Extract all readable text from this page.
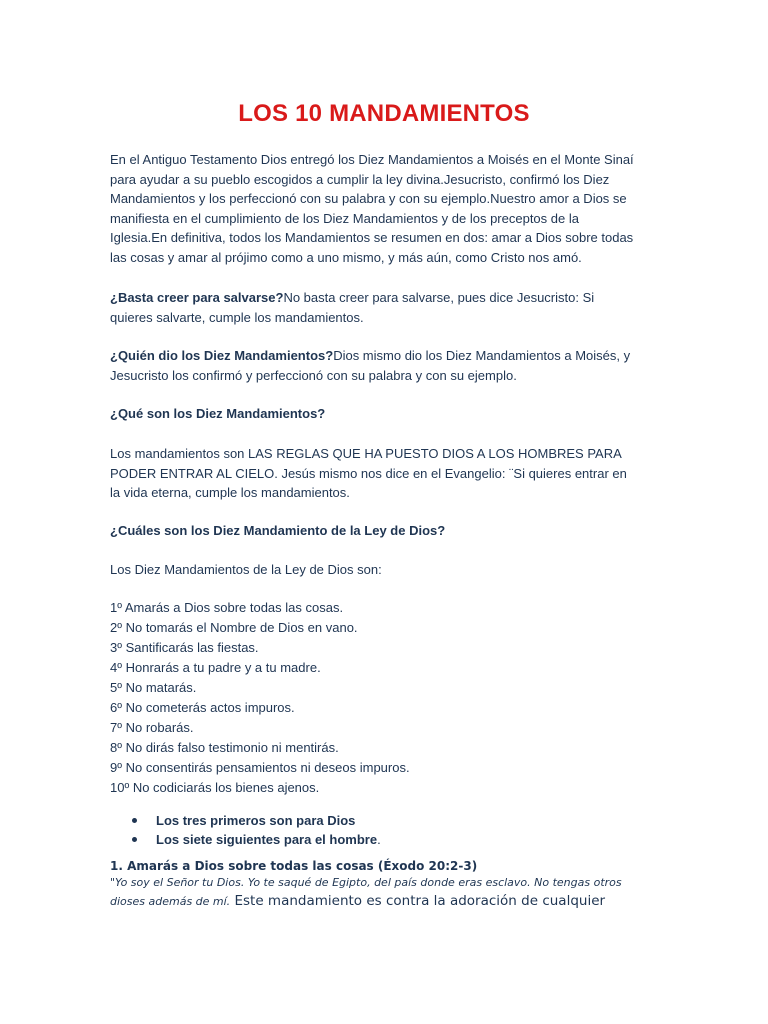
LOS 10 MANDAMIENTOS

En el Antiguo Testamento Dios entregó los Diez Mandamientos a Moisés en el Monte Sinaí

para ayudar a su pueblo escogidos a cumplir la ley divina.Jesucristo, confirmó los Diez

Mandamientos y los perfeccionó con su palabra y con su ejemplo.Nuestro amor a Dios se

manifiesta en el cumplimiento de los Diez Mandamientos y de los preceptos de la

Iglesia.En definitiva, todos los Mandamientos se resumen en dos: amar a Dios sobre todas

las cosas y amar al prójimo como a uno mismo, y más aún, como Cristo nos amó.

¿Basta creer para salvarse?No basta creer para salvarse, pues dice Jesucristo: Si

quieres salvarte, cumple los mandamientos.

¿Quién dio los Diez Mandamientos?Dios mismo dio los Diez Mandamientos a Moisés, y

Jesucristo los confirmó y perfeccionó con su palabra y con su ejemplo.

¿Qué son los Diez Mandamientos?

Los mandamientos son LAS REGLAS QUE HA PUESTO DIOS A LOS HOMBRES PARA

PODER ENTRAR AL CIELO. Jesús mismo nos dice en el Evangelio: ¨Si quieres entrar en

la vida eterna, cumple los mandamientos.

¿Cuáles son los Diez Mandamiento de la Ley de Dios?

Los Diez Mandamientos de la Ley de Dios son:

1º Amarás a Dios sobre todas las cosas.
2º No tomarás el Nombre de Dios en vano.
3º Santificarás las fiestas.
4º Honrarás a tu padre y a tu madre.
5º No matarás.
6º No cometerás actos impuros.
7º No robarás.
8º No dirás falso testimonio ni mentirás.
9º No consentirás pensamientos ni deseos impuros.
10º No codiciarás los bienes ajenos.
Los tres primeros son para Dios
Los siete siguientes para el hombre.
1. Amarás a Dios sobre todas las cosas (Éxodo 20:2-3)
"Yo soy el Señor tu Dios. Yo te saqué de Egipto, del país donde eras esclavo. No tengas otros
dioses además de mí. Este mandamiento es contra la adoración de cualquier
